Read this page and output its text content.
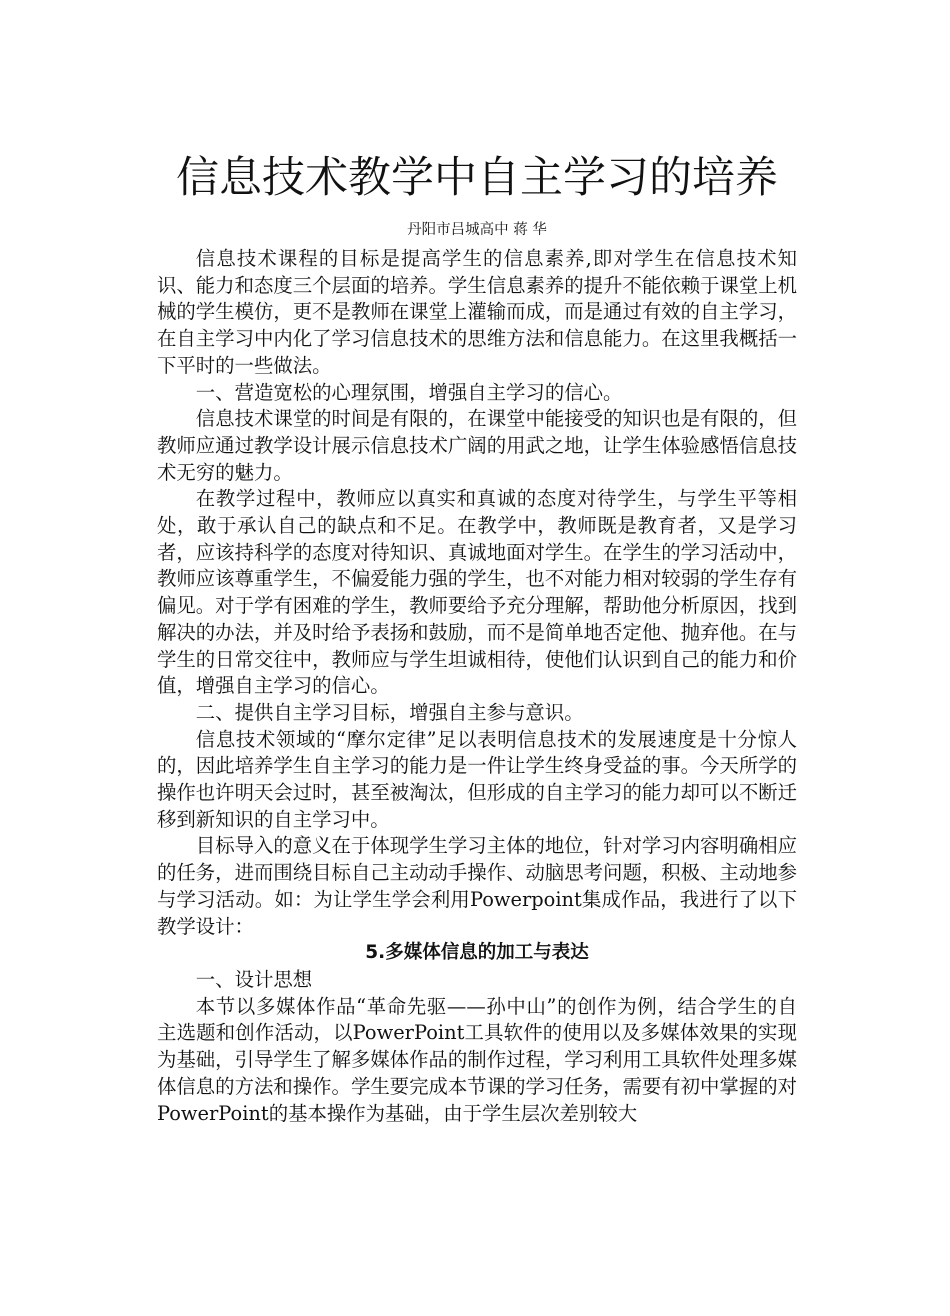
信息技术教学中自主学习的培养
丹阳市吕城高中 蒋 华

信息技术课程的目标是提高学生的信息素养,即对学生在信息技术知识、能力和态度三个层面的培养。学生信息素养的提升不能依赖于课堂上机械的学生模仿，更不是教师在课堂上灌输而成，而是通过有效的自主学习，在自主学习中内化了学习信息技术的思维方法和信息能力。在这里我概括一下平时的一些做法。

一、营造宽松的心理氛围，增强自主学习的信心。

信息技术课堂的时间是有限的，在课堂中能接受的知识也是有限的，但教师应通过教学设计展示信息技术广阔的用武之地，让学生体验感悟信息技术无穷的魅力。

在教学过程中，教师应以真实和真诚的态度对待学生，与学生平等相处，敢于承认自己的缺点和不足。在教学中，教师既是教育者，又是学习者，应该持科学的态度对待知识、真诚地面对学生。在学生的学习活动中，教师应该尊重学生，不偏爱能力强的学生，也不对能力相对较弱的学生存有偏见。对于学有困难的学生，教师要给予充分理解，帮助他分析原因，找到解决的办法，并及时给予表扬和鼓励，而不是简单地否定他、抛弃他。在与学生的日常交往中，教师应与学生坦诚相待，使他们认识到自己的能力和价值，增强自主学习的信心。

二、提供自主学习目标，增强自主参与意识。

信息技术领域的“摩尔定律”足以表明信息技术的发展速度是十分惊人的，因此培养学生自主学习的能力是一件让学生终身受益的事。今天所学的操作也许明天会过时，甚至被淘汰，但形成的自主学习的能力却可以不断迁移到新知识的自主学习中。

目标导入的意义在于体现学生学习主体的地位，针对学习内容明确相应的任务，进而围绕目标自己主动动手操作、动脑思考问题，积极、主动地参与学习活动。如：为让学生学会利用Powerpoint集成作品，我进行了以下教学设计：

5.多媒体信息的加工与表达

一、设计思想

本节以多媒体作品“革命先驱——孙中山”的创作为例，结合学生的自主选题和创作活动，以PowerPoint工具软件的使用以及多媒体效果的实现为基础，引导学生了解多媒体作品的制作过程，学习利用工具软件处理多媒体信息的方法和操作。学生要完成本节课的学习任务，需要有初中掌握的对PowerPoint的基本操作为基础，由于学生层次差别较大
